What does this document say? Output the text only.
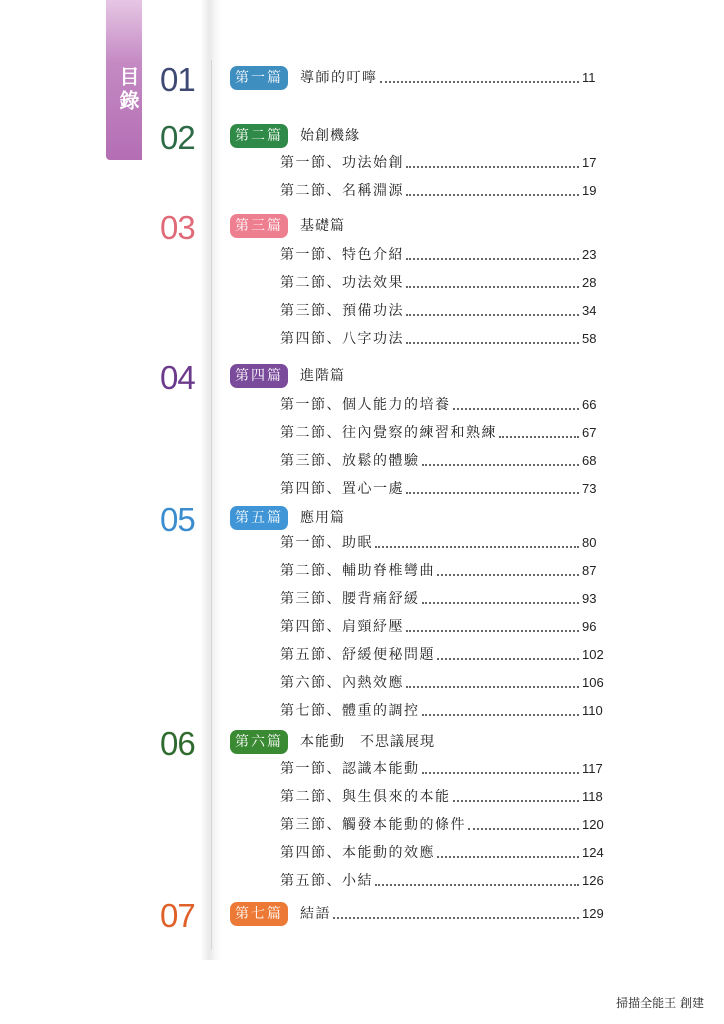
目錄 01	第一篇	導師的叮嚀	11
02	第二篇	始創機緣
第一節、功法始創	17
第二節、名稱淵源	19
03	第三篇	基礎篇
第一節、特色介紹	23
第二節、功法效果	28
第三節、預備功法	34
第四節、八字功法	58
04	第四篇	進階篇
第一節、個人能力的培養	66
第二節、往內覺察的練習和熟練	67
第三節、放鬆的體驗	68
第四節、置心一處	73
05	第五篇	應用篇
第一節、助眠	80
第二節、輔助脊椎彎曲	87
第三節、腰背痛舒緩	93
第四節、肩頸紓壓	96
第五節、舒緩便秘問題	102
第六節、內熱效應	106
第七節、體重的調控	110
06	第六篇	本能動　不思議展現
第一節、認識本能動	117
第二節、與生俱來的本能	118
第三節、觸發本能動的條件	120
第四節、本能動的效應	124
第五節、小結	126
07	第七篇	結語	129
掃描全能王 創建
